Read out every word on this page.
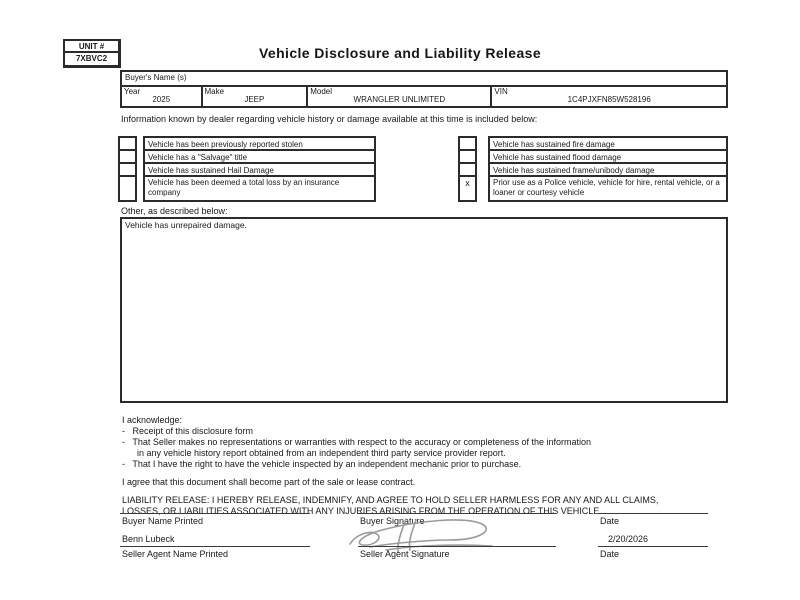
UNIT #
7XBVC2	Vehicle Disclosure and Liability Release
Buyer's Name (s)
Year
2025
Make
JEEP
Model
WRANGLER UNLIMITED
VIN
1C4PJXFN85W528196
Information known by dealer regarding vehicle history or damage available at this time is included below:
Vehicle has been previously reported stolen
Vehicle has a "Salvage" title
Vehicle has sustained Hail Damage
Vehicle has been deemed a total loss by an insurance company
x
Vehicle has sustained fire damage
Vehicle has sustained flood damage
Vehicle has sustained frame/unibody damage
Prior use as a Police vehicle, vehicle for hire, rental vehicle, or a loaner or courtesy vehicle
Other, as described below:
Vehicle has unrepaired damage.
I acknowledge:
-   Receipt of this disclosure form
-   That Seller makes no representations or warranties with respect to the accuracy or completeness of the information
in any vehicle history report obtained from an independent third party service provider report.
-   That I have the right to have the vehicle inspected by an independent mechanic prior to purchase.
I agree that this document shall become part of the sale or lease contract.
LIABILITY RELEASE: I HEREBY RELEASE, INDEMNIFY, AND AGREE TO HOLD SELLER HARMLESS FOR ANY AND ALL CLAIMS,
LOSSES, OR LIABILITIES ASSOCIATED WITH ANY INJURIES ARISING FROM THE OPERATION OF THIS VEHICLE.
Buyer Name Printed	Buyer Signature	Date
Benn Lubeck	2/20/2026
Seller Agent Name Printed	Seller Agent Signature	Date
